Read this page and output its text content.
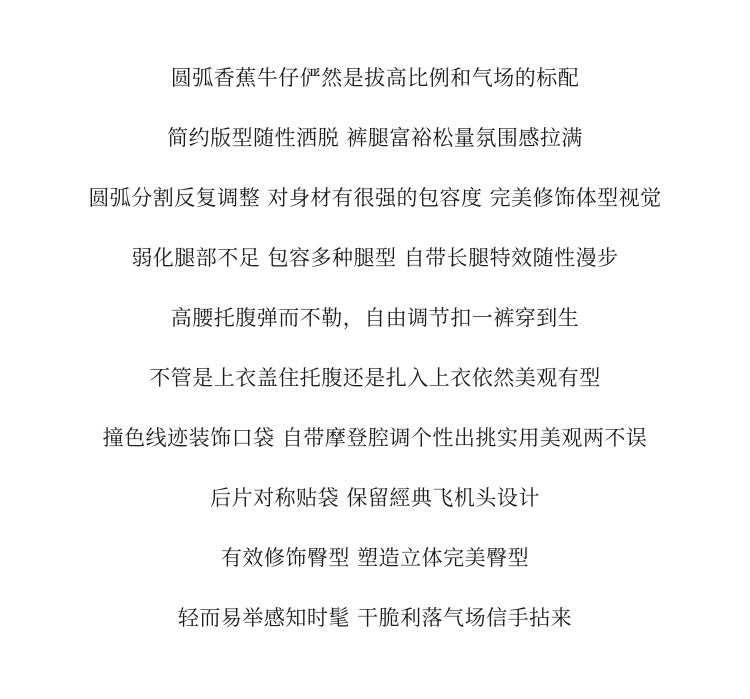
圆弧香蕉牛仔俨然是拔高比例和气场的标配
简约版型随性洒脱 裤腿富裕松量氛围感拉满
圆弧分割反复调整 对身材有很强的包容度 完美修饰体型视觉
弱化腿部不足 包容多种腿型 自带长腿特效随性漫步
高腰托腹弹而不勒，自由调节扣一裤穿到生
不管是上衣盖住托腹还是扎入上衣依然美观有型
撞色线迹装饰口袋 自带摩登腔调个性出挑实用美观两不误
后片对称贴袋 保留經典飞机头设计
有效修饰臀型 塑造立体完美臀型
轻而易举感知时髦 干脆利落气场信手拈来
